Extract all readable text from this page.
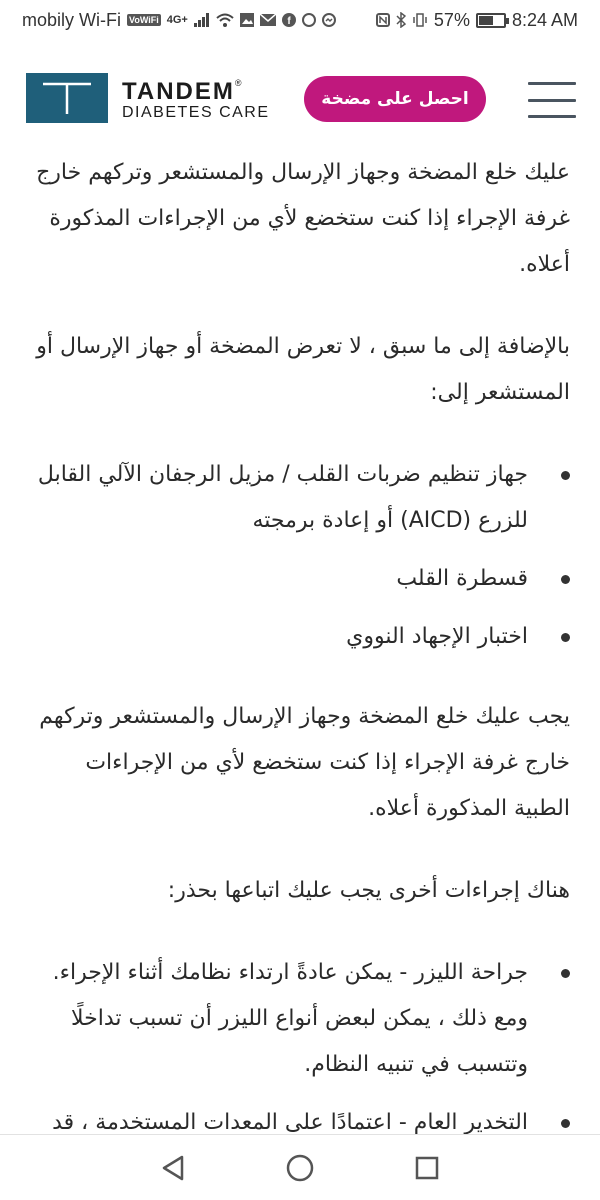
mobily Wi-Fi VoWiFi 4G+	f	57% 8:24 AM
TANDEM®
DIABETES CARE
احصل على مضخة

عليك خلع المضخة وجهاز الإرسال والمستشعر وتركهم خارج غرفة الإجراء إذا كنت ستخضع لأي من الإجراءات المذكورة أعلاه.

بالإضافة إلى ما سبق ، لا تعرض المضخة أو جهاز الإرسال أو المستشعر إلى:

جهاز تنظيم ضربات القلب / مزيل الرجفان الآلي القابل للزرع (AICD) أو إعادة برمجته
قسطرة القلب
اختبار الإجهاد النووي

يجب عليك خلع المضخة وجهاز الإرسال والمستشعر وتركهم خارج غرفة الإجراء إذا كنت ستخضع لأي من الإجراءات الطبية المذكورة أعلاه.

هناك إجراءات أخرى يجب عليك اتباعها بحذر:

جراحة الليزر - يمكن عادةً ارتداء نظامك أثناء الإجراء. ومع ذلك ، يمكن لبعض أنواع الليزر أن تسبب تداخلًا وتتسبب في تنبيه النظام.
التخدير العام - اعتمادًا على المعدات المستخدمة ، قد
